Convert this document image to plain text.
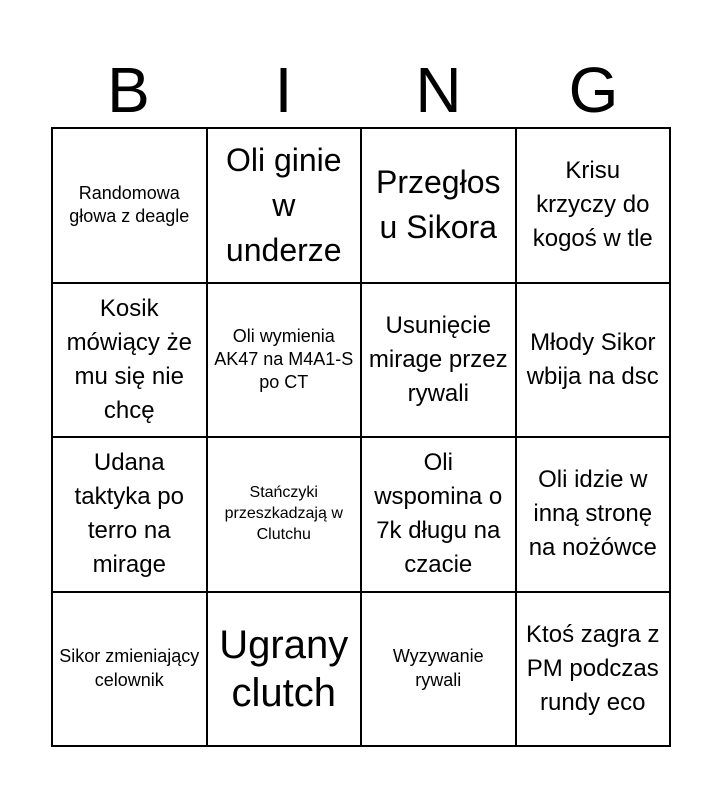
B	I	N	G
Randomowa głowa z deagle
Oli ginie w underze
Przegłos u Sikora
Krisu krzyczy do kogoś w tle
Kosik mówiący że mu się nie chcę
Oli wymienia AK47 na M4A1-S po CT
Usunięcie mirage przez rywali
Młody Sikor wbija na dsc
Udana taktyka po terro na mirage
Stańczyki przeszkadzają w Clutchu
Oli wspomina o 7k długu na czacie
Oli idzie w inną stronę na nożówce
Sikor zmieniający celownik
Ugrany clutch
Wyzywanie rywali
Ktoś zagra z PM podczas rundy eco
